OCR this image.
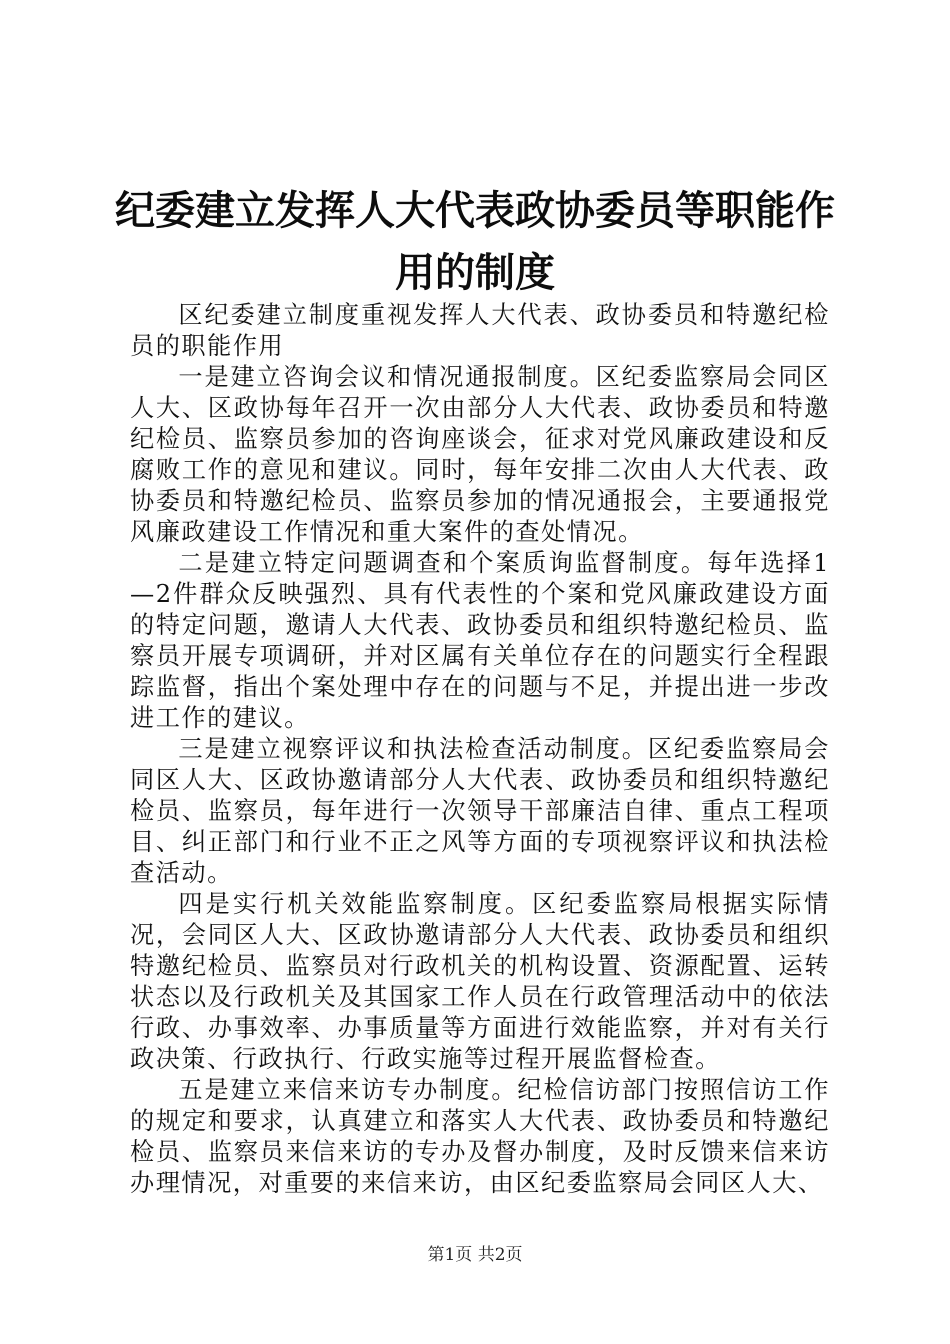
纪委建立发挥人大代表政协委员等职能作用的制度

区纪委建立制度重视发挥人大代表、政协委员和特邀纪检员的职能作用

一是建立咨询会议和情况通报制度。区纪委监察局会同区人大、区政协每年召开一次由部分人大代表、政协委员和特邀纪检员、监察员参加的咨询座谈会，征求对党风廉政建设和反腐败工作的意见和建议。同时，每年安排二次由人大代表、政协委员和特邀纪检员、监察员参加的情况通报会，主要通报党风廉政建设工作情况和重大案件的查处情况。

二是建立特定问题调查和个案质询监督制度。每年选择1—2件群众反映强烈、具有代表性的个案和党风廉政建设方面的特定问题，邀请人大代表、政协委员和组织特邀纪检员、监察员开展专项调研，并对区属有关单位存在的问题实行全程跟踪监督，指出个案处理中存在的问题与不足，并提出进一步改进工作的建议。

三是建立视察评议和执法检查活动制度。区纪委监察局会同区人大、区政协邀请部分人大代表、政协委员和组织特邀纪检员、监察员，每年进行一次领导干部廉洁自律、重点工程项目、纠正部门和行业不正之风等方面的专项视察评议和执法检查活动。

四是实行机关效能监察制度。区纪委监察局根据实际情况，会同区人大、区政协邀请部分人大代表、政协委员和组织特邀纪检员、监察员对行政机关的机构设置、资源配置、运转状态以及行政机关及其国家工作人员在行政管理活动中的依法行政、办事效率、办事质量等方面进行效能监察，并对有关行政决策、行政执行、行政实施等过程开展监督检查。

五是建立来信来访专办制度。纪检信访部门按照信访工作的规定和要求，认真建立和落实人大代表、政协委员和特邀纪检员、监察员来信来访的专办及督办制度，及时反馈来信来访办理情况，对重要的来信来访，由区纪委监察局会同区人大、

第1页 共2页
